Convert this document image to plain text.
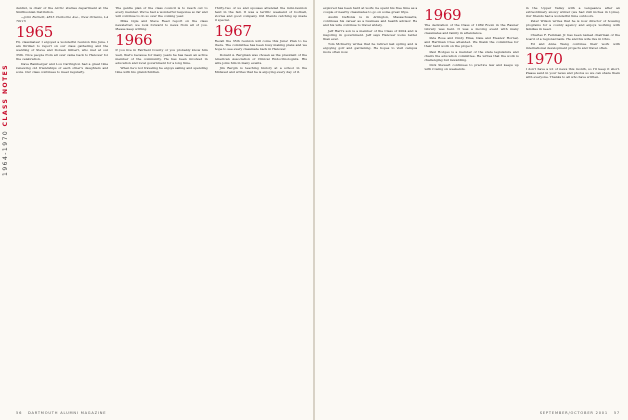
1964-1970 CLASS NOTES

dentist, is chair of the Arctic studies department at the Smithsonian Institution.

—John Burnett, 4815 Claiborne Ave., New Orleans, LA 70115

1965

Hi, classmates! I enjoyed a wonderful reunion this June. I am thrilled to report on our class gathering and the wedding of Steve and Doreen Gilbert, who met at our 35th. Nice people from all over came back to Hanover for the celebration.

Dave Bamberger and Lou Carrington had a great time renewing old friendships of each other's daughters and sons. Our class continues to meet regularly.

The gentle plan of the class council is to reach out to every member. We've had a wonderful response so far and will continue to do so over the coming year.

Mike Ogle and Steve Reed report on the class newsletter; we look forward to news from all of you. Please keep writing.

1966

If you live in Fairfield County or you probably know him well, that's because for many years he has been an active member of the community. He has been involved in education and local government for a long time.

When he's not traveling he enjoys sailing and spending time with his grandchildren.

Thirty-two of us and spouses attended the mini-reunion held in the fall. It was a terrific weekend of football, stories and good company. Old friends catching up made it special.

1967

Recall the 35th reunion will come this June! Plan to be there. The committee has been busy making plans and we hope to see every classmate back in Hanover.

Donald A. Bergman was chosen as the president of the American Association of Clinical Endocrinologists. His wife joins him in many events.

Jim Bergin is teaching history at a school in the Midwest and writes that he is enjoying every day of it.

56 DARTMOUTH ALUMNI MAGAZINE

explored has been hard at work; he spent his free time as a couple of nearby classmates to go on some great trips.

Austin DeBonis is in Arlington, Massachusetts, continues his career as a business and health advisor. He and his wife continue to travel widely.

Jeff Hart's son is a member of the Class of 2004 and is majoring in government. Jeff says Hanover looks better than ever.

Tom McInerny writes that he retired last spring and is enjoying golf and gardening. He hopes to visit campus more often now.

1969

The dedication of the Class of 1969 Room in the Rauner Library was held. It was a moving event with many classmates and family in attendance.

Pete Rose and Cindy Elias, Dale and Eleanor Horner, and Hartman Cree attended. We thank the committee for their hard work on the project.

Paul Hodges is a member of the state legislature and chairs the education committee. He writes that the work is challenging but rewarding.

Dick Stewart continues to practice law and keeps up with rowing on weekends.

in the Upper Valley with a vengeance after an extraordinary snowy winter (we had 240 inches in Lyme). Our friends had a wonderful time outdoors.

Peter Wilson writes that he is now director of housing programs for a county agency and enjoys working with families in need.

Charles F. Feinman Jr. has been named chairman of the board of a regional bank. He and his wife live in Ohio.

Ed and Anne Weng continue their work with international development projects and travel often.

1970

I don't have a lot of news this month, so I'll keep it short. Please send in your news and photos so we can share them with everyone. Thanks to all who have written.

SEPTEMBER/OCTOBER 2001 57
